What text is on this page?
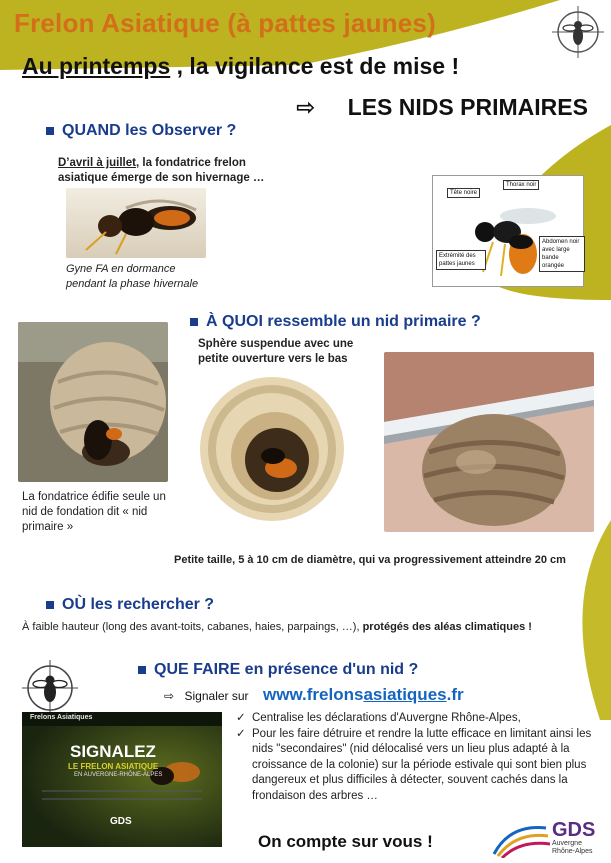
Frelon Asiatique (à pattes jaunes)
Au printemps , la vigilance est de mise !
⇨ LES NIDS PRIMAIRES
QUAND les Observer ?
D’avril à juillet, la fondatrice frelon asiatique émerge de son hivernage …
Gyne FA en dormance
pendant la phase hivernale
Tête noire
Thorax noir
Extrémité des pattes jaunes
Abdomen noir avec large bande orangée
À QUOI ressemble un nid primaire ?
Sphère suspendue avec une petite ouverture vers le bas
La fondatrice édifie seule un nid de fondation dit « nid primaire »
Petite taille, 5 à 10 cm de diamètre, qui va progressivement atteindre 20 cm
OÙ les rechercher ?
À faible hauteur (long des avant-toits, cabanes, haies, parpaings, …), protégés des aléas climatiques !
QUE FAIRE en présence d'un nid ?
⇨ Signaler sur www.frelonsasiatiques.fr
Frelons Asiatiques
SIGNALEZ
LE FRELON ASIATIQUE
EN AUVERGNE-RHÔNE-ALPES
GDS
✓ Centralise les déclarations d'Auvergne Rhône-Alpes,
✓ Pour les faire détruire et rendre la lutte efficace en limitant ainsi les nids "secondaires" (nid délocalisé vers un lieu plus adapté à la croissance de la colonie) sur la période estivale qui sont bien plus dangereux et plus difficiles à détecter, souvent cachés dans la frondaison des arbres …
On compte sur vous !
GDS
Auvergne
Rhône-Alpes
